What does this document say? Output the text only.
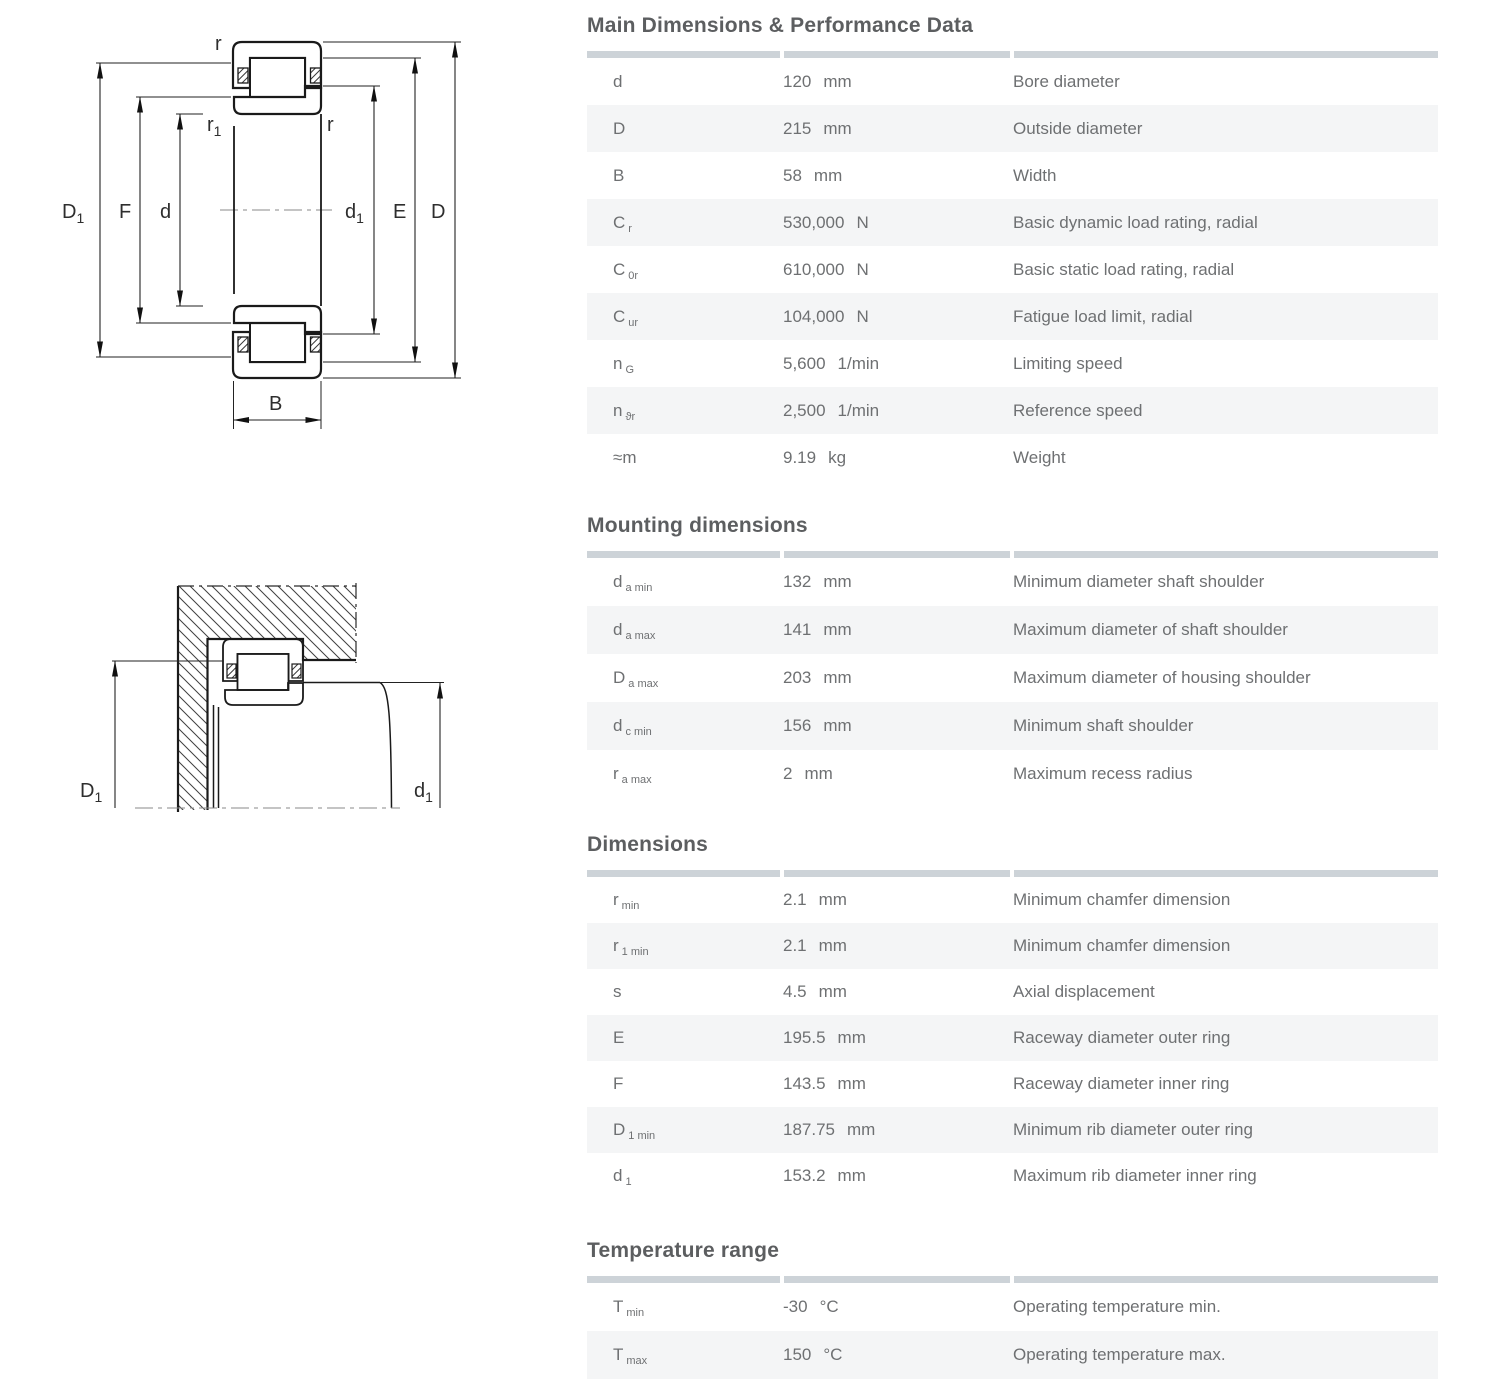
r
$r_1$	r
$D_1$ F d	$d_1$ E D
B
$D_1$	$d_1$
Main Dimensions & Performance Data
d	120 mm	Bore diameter
D	215 mm	Outside diameter
B	58 mm	Width
C $_r$	530,000 N	Basic dynamic load rating, radial
C $_{0r}$	610,000 N	Basic static load rating, radial
C $_{ur}$	104,000 N	Fatigue load limit, radial
n $_G$	5,600 1/min	Limiting speed
n $_{ϑr}$	2,500 1/min	Reference speed
≈m	9.19 kg	Weight
Mounting dimensions
d $_{a min}$	132 mm	Minimum diameter shaft shoulder
d $_{a max}$	141 mm	Maximum diameter of shaft shoulder
D $_{a max}$	203 mm	Maximum diameter of housing shoulder
d $_{c min}$	156 mm	Minimum shaft shoulder
r $_{a max}$	2 mm	Maximum recess radius
Dimensions
r $_{min}$	2.1 mm	Minimum chamfer dimension
r $_{1 min}$	2.1 mm	Minimum chamfer dimension
s	4.5 mm	Axial displacement
E	195.5 mm	Raceway diameter outer ring
F	143.5 mm	Raceway diameter inner ring
D $_{1 min}$	187.75 mm	Minimum rib diameter outer ring
d $_1$	153.2 mm	Maximum rib diameter inner ring
Temperature range
T $_{min}$	-30 °C	Operating temperature min.
T $_{max}$	150 °C	Operating temperature max.
